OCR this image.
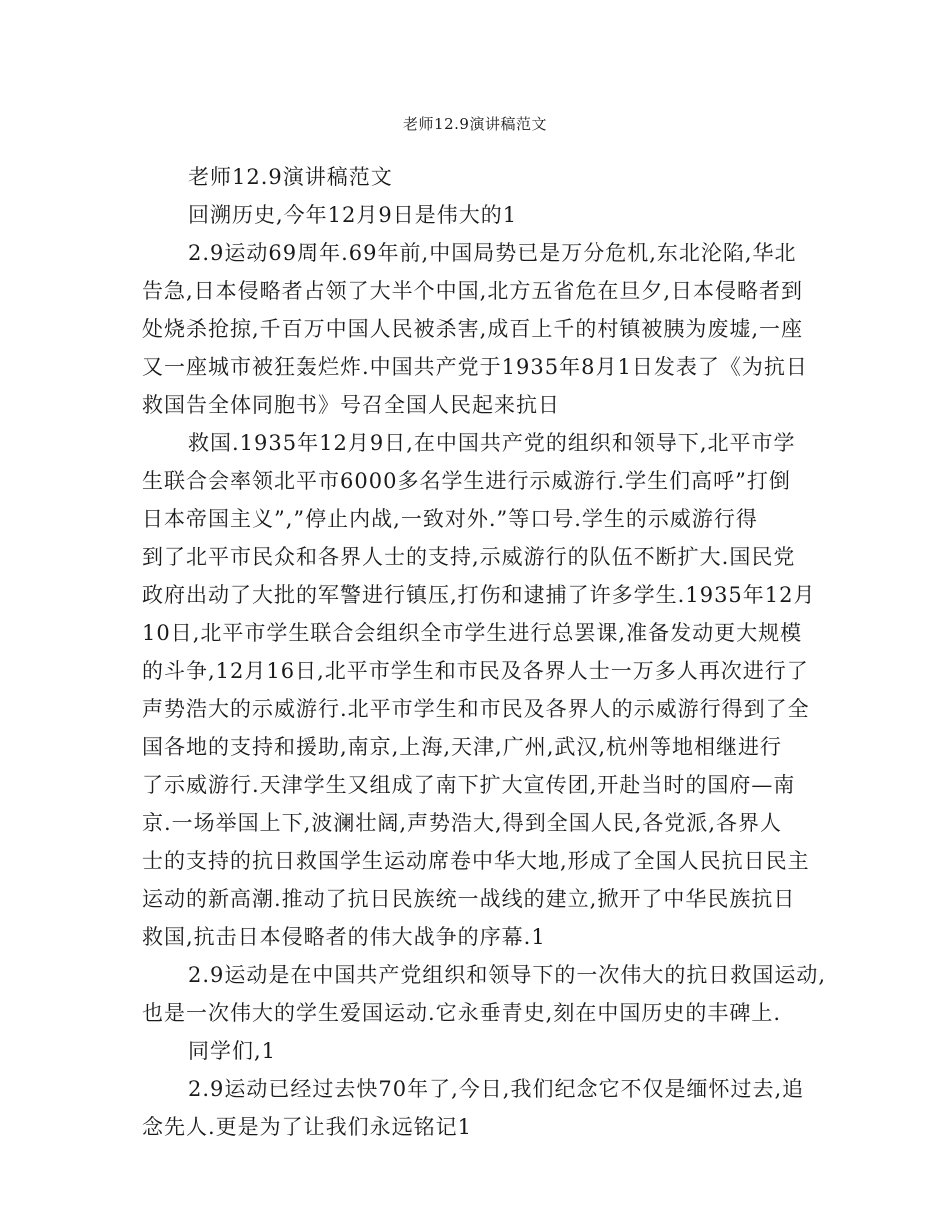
老师12.9演讲稿范文
老师12.9演讲稿范文
回溯历史,今年12月9日是伟大的1
2.9运动69周年.69年前,中国局势已是万分危机,东北沦陷,华北
告急,日本侵略者占领了大半个中国,北方五省危在旦夕,日本侵略者到
处烧杀抢掠,千百万中国人民被杀害,成百上千的村镇被胰为废墟,一座
又一座城市被狂轰烂炸.中国共产党于1935年8月1日发表了《为抗日
救国告全体同胞书》号召全国人民起来抗日
救国.1935年12月9日,在中国共产党的组织和领导下,北平市学
生联合会率领北平市6000多名学生进行示威游行.学生们高呼”打倒
日本帝国主义”,”停止内战,一致对外.”等口号.学生的示威游行得
到了北平市民众和各界人士的支持,示威游行的队伍不断扩大.国民党
政府出动了大批的军警进行镇压,打伤和逮捕了许多学生.1935年12月
10日,北平市学生联合会组织全市学生进行总罢课,准备发动更大规模
的斗争,12月16日,北平市学生和市民及各界人士一万多人再次进行了
声势浩大的示威游行.北平市学生和市民及各界人的示威游行得到了全
国各地的支持和援助,南京,上海,天津,广州,武汉,杭州等地相继进行
了示威游行.天津学生又组成了南下扩大宣传团,开赴当时的国府—南
京.一场举国上下,波澜壮阔,声势浩大,得到全国人民,各党派,各界人
士的支持的抗日救国学生运动席卷中华大地,形成了全国人民抗日民主
运动的新高潮.推动了抗日民族统一战线的建立,掀开了中华民族抗日
救国,抗击日本侵略者的伟大战争的序幕.1
2.9运动是在中国共产党组织和领导下的一次伟大的抗日救国运动,
也是一次伟大的学生爱国运动.它永垂青史,刻在中国历史的丰碑上.
同学们,1
2.9运动已经过去快70年了,今日,我们纪念它不仅是缅怀过去,追
念先人.更是为了让我们永远铭记1
